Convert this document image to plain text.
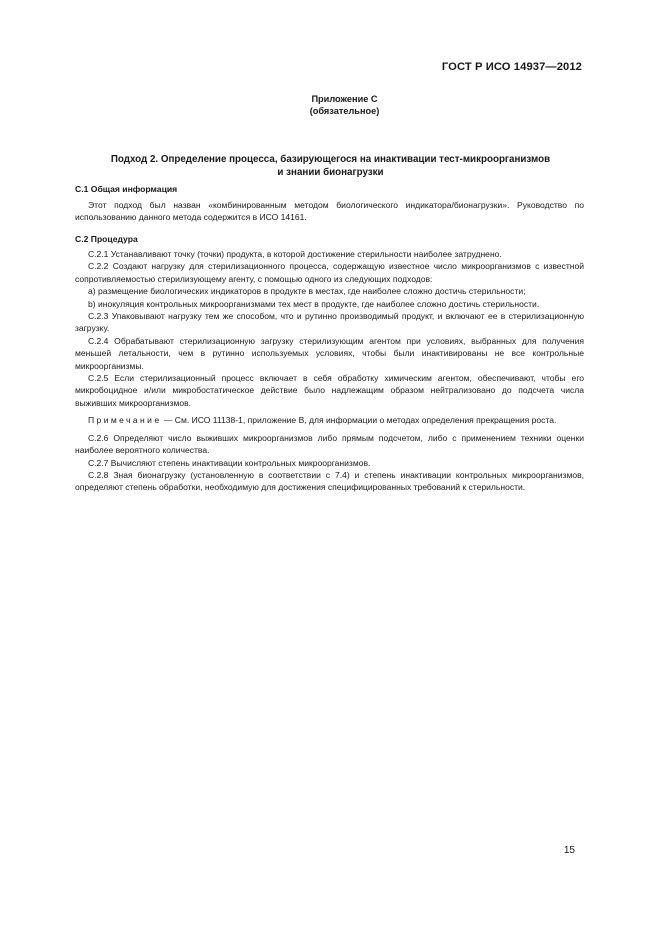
ГОСТ Р ИСО 14937—2012
Приложение С
(обязательное)
Подход 2. Определение процесса, базирующегося на инактивации тест-микроорганизмов
и знании бионагрузки
С.1 Общая информация

Этот подход был назван «комбинированным методом биологического индикатора/бионагрузки». Руководство по использованию данного метода содержится в ИСО 14161.

С.2 Процедура

С.2.1 Устанавливают точку (точки) продукта, в которой достижение стерильности наиболее затруднено.

С.2.2 Создают нагрузку для стерилизационного процесса, содержащую известное число микроорганизмов с известной сопротивляемостью стерилизующему агенту, с помощью одного из следующих подходов:

a) размещение биологических индикаторов в продукте в местах, где наиболее сложно достичь стерильности;

b) инокуляция контрольных микроорганизмами тех мест в продукте, где наиболее сложно достичь стерильности.

С.2.3 Упаковывают нагрузку тем же способом, что и рутинно производимый продукт, и включают ее в стерилизационную загрузку.

С.2.4 Обрабатывают стерилизационную загрузку стерилизующим агентом при условиях, выбранных для получения меньшей летальности, чем в рутинно используемых условиях, чтобы были инактивированы не все контрольные микроорганизмы.

С.2.5 Если стерилизационный процесс включает в себя обработку химическим агентом, обеспечивают, чтобы его микробоцидное и/или микробостатическое действие было надлежащим образом нейтрализовано до подсчета числа выживших микроорганизмов.

Примечание — См. ИСО 11138-1, приложение В, для информации о методах определения прекращения роста.

С.2.6 Определяют число выживших микроорганизмов либо прямым подсчетом, либо с применением техники оценки наиболее вероятного количества.

С.2.7 Вычисляют степень инактивации контрольных микроорганизмов.

С.2.8 Зная бионагрузку (установленную в соответствии с 7.4) и степень инактивации контрольных микроорганизмов, определяют степень обработки, необходимую для достижения специфицированных требований к стерильности.

15
